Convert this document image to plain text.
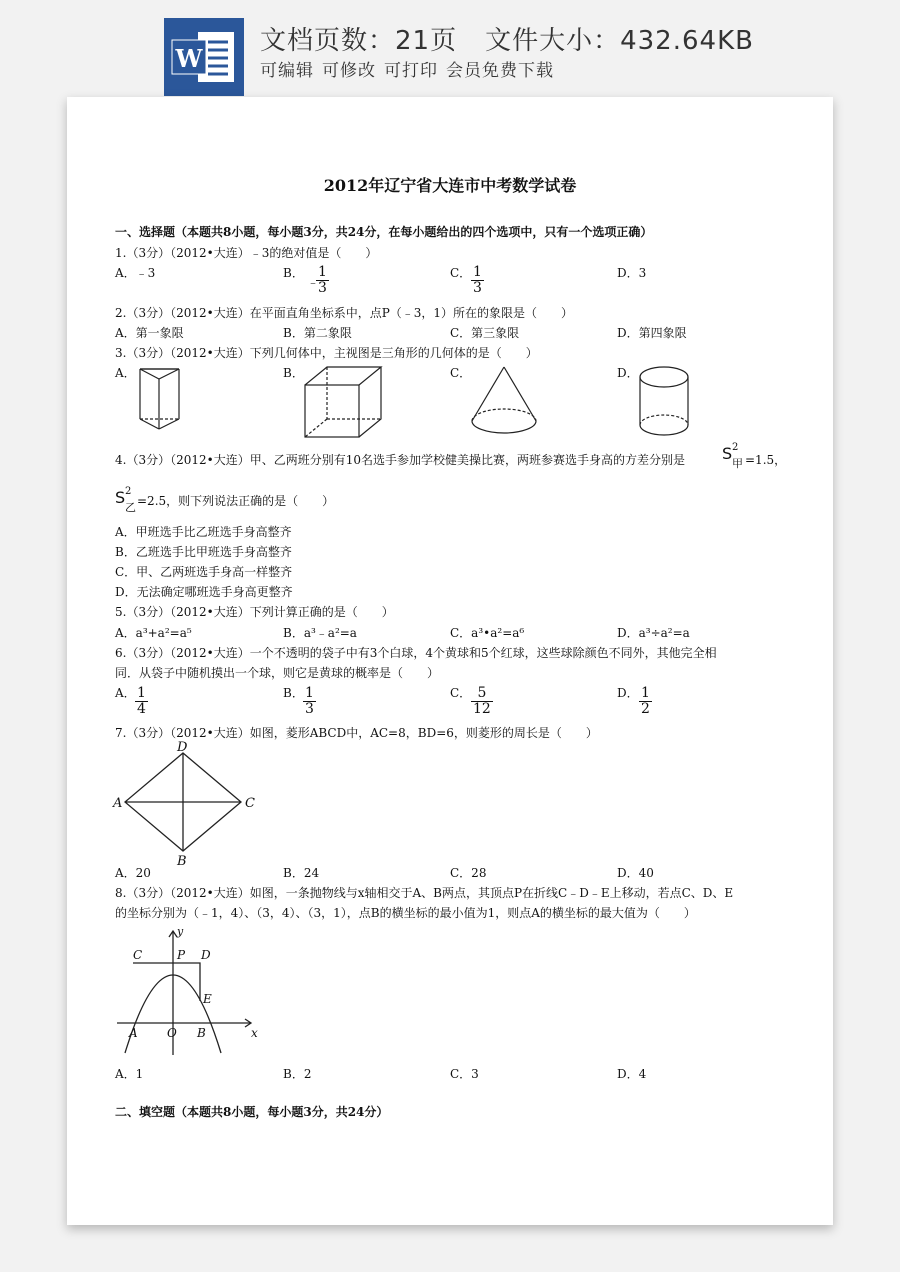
W
文档页数：21页 文件大小：432.64KB
可编辑 可修改 可打印 会员免费下载
2012年辽宁省大连市中考数学试卷
一、选择题（本题共8小题，每小题3分，共24分，在每小题给出的四个选项中，只有一个选项正确）
1.（3分）（2012•大连）﹣3的绝对值是（　　）
A．﹣3	B．
﹣
$\frac{1}{3}$	C． $\frac{1}{3}$	D．3
2.（3分）（2012•大连）在平面直角坐标系中，点P（﹣3，1）所在的象限是（　　）
A．第一象限	B．第二象限	C．第三象限	D．第四象限
3.（3分）（2012•大连）下列几何体中，主视图是三角形的几何体的是（　　）
A．	B．	C．	D．
4.（3分）（2012•大连）甲、乙两班分别有10名选手参加学校健美操比赛，两班参赛选手身高的方差分别是 S 2
甲 =1.5，
S 2
乙 =2.5，则下列说法正确的是（　　）
A．甲班选手比乙班选手身高整齐
B．乙班选手比甲班选手身高整齐
C．甲、乙两班选手身高一样整齐
D．无法确定哪班选手身高更整齐
5.（3分）（2012•大连）下列计算正确的是（　　）
A．a³+a²=a⁵	B．a³﹣a²=a	C．a³•a²=a⁶	D．a³÷a²=a
6.（3分）（2012•大连）一个不透明的袋子中有3个白球，4个黄球和5个红球，这些球除颜色不同外，其他完全相
同．从袋子中随机摸出一个球，则它是黄球的概率是（　　）
A． $\frac{1}{4}$	B． $\frac{1}{3}$	C． $\frac{5}{12}$	D． $\frac{1}{2}$
7.（3分）（2012•大连）如图，菱形ABCD中，AC=8，BD=6，则菱形的周长是（　　）
D
A	C
B
A．20	B．24	C．28	D．40
8.（3分）（2012•大连）如图，一条抛物线与x轴相交于A、B两点，其顶点P在折线C﹣D﹣E上移动，若点C、D、E
的坐标分别为（﹣1，4）、（3，4）、（3，1），点B的横坐标的最小值为1，则点A的横坐标的最大值为（　　）
y
x
C	P D
E
A O B
A．1	B．2	C．3	D．4
二、填空题（本题共8小题，每小题3分，共24分）
